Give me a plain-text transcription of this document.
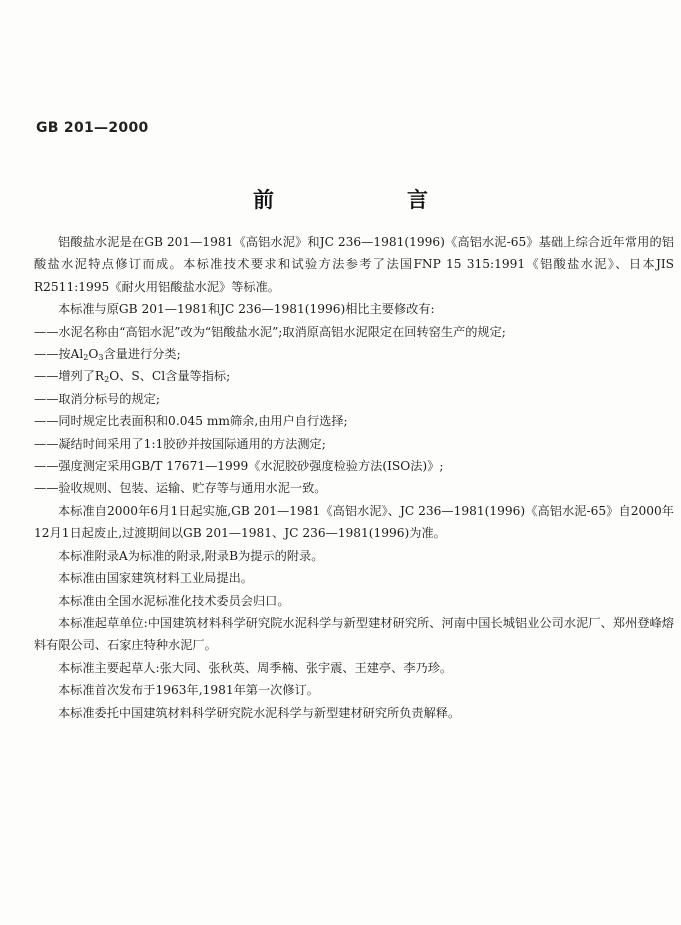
GB 201—2000
前　言

铝酸盐水泥是在GB 201—1981《高铝水泥》和JC 236—1981(1996)《高铝水泥-65》基础上综合近年常用的铝酸盐水泥特点修订而成。本标准技术要求和试验方法参考了法国FNP 15 315:1991《铝酸盐水泥》、日本JIS R2511:1995《耐火用铝酸盐水泥》等标准。

本标准与原GB 201—1981和JC 236—1981(1996)相比主要修改有:

——水泥名称由“高铝水泥”改为“铝酸盐水泥”;取消原高铝水泥限定在回转窑生产的规定;

——按$Al_2O_3$含量进行分类;

——增列了$R_2O$、S、Cl含量等指标;

——取消分标号的规定;

——同时规定比表面积和0.045 mm筛余,由用户自行选择;

——凝结时间采用了1:1胶砂并按国际通用的方法测定;

——强度测定采用GB/T 17671—1999《水泥胶砂强度检验方法(ISO法)》;

——验收规则、包装、运输、贮存等与通用水泥一致。

本标准自2000年6月1日起实施,GB 201—1981《高铝水泥》、JC 236—1981(1996)《高铝水泥-65》自2000年12月1日起废止,过渡期间以GB 201—1981、JC 236—1981(1996)为准。

本标准附录A为标准的附录,附录B为提示的附录。

本标准由国家建筑材料工业局提出。

本标准由全国水泥标准化技术委员会归口。

本标准起草单位:中国建筑材料科学研究院水泥科学与新型建材研究所、河南中国长城铝业公司水泥厂、郑州登峰熔料有限公司、石家庄特种水泥厂。

本标准主要起草人:张大同、张秋英、周季楠、张宇震、王建亭、李乃珍。

本标准首次发布于1963年,1981年第一次修订。

本标准委托中国建筑材料科学研究院水泥科学与新型建材研究所负责解释。
